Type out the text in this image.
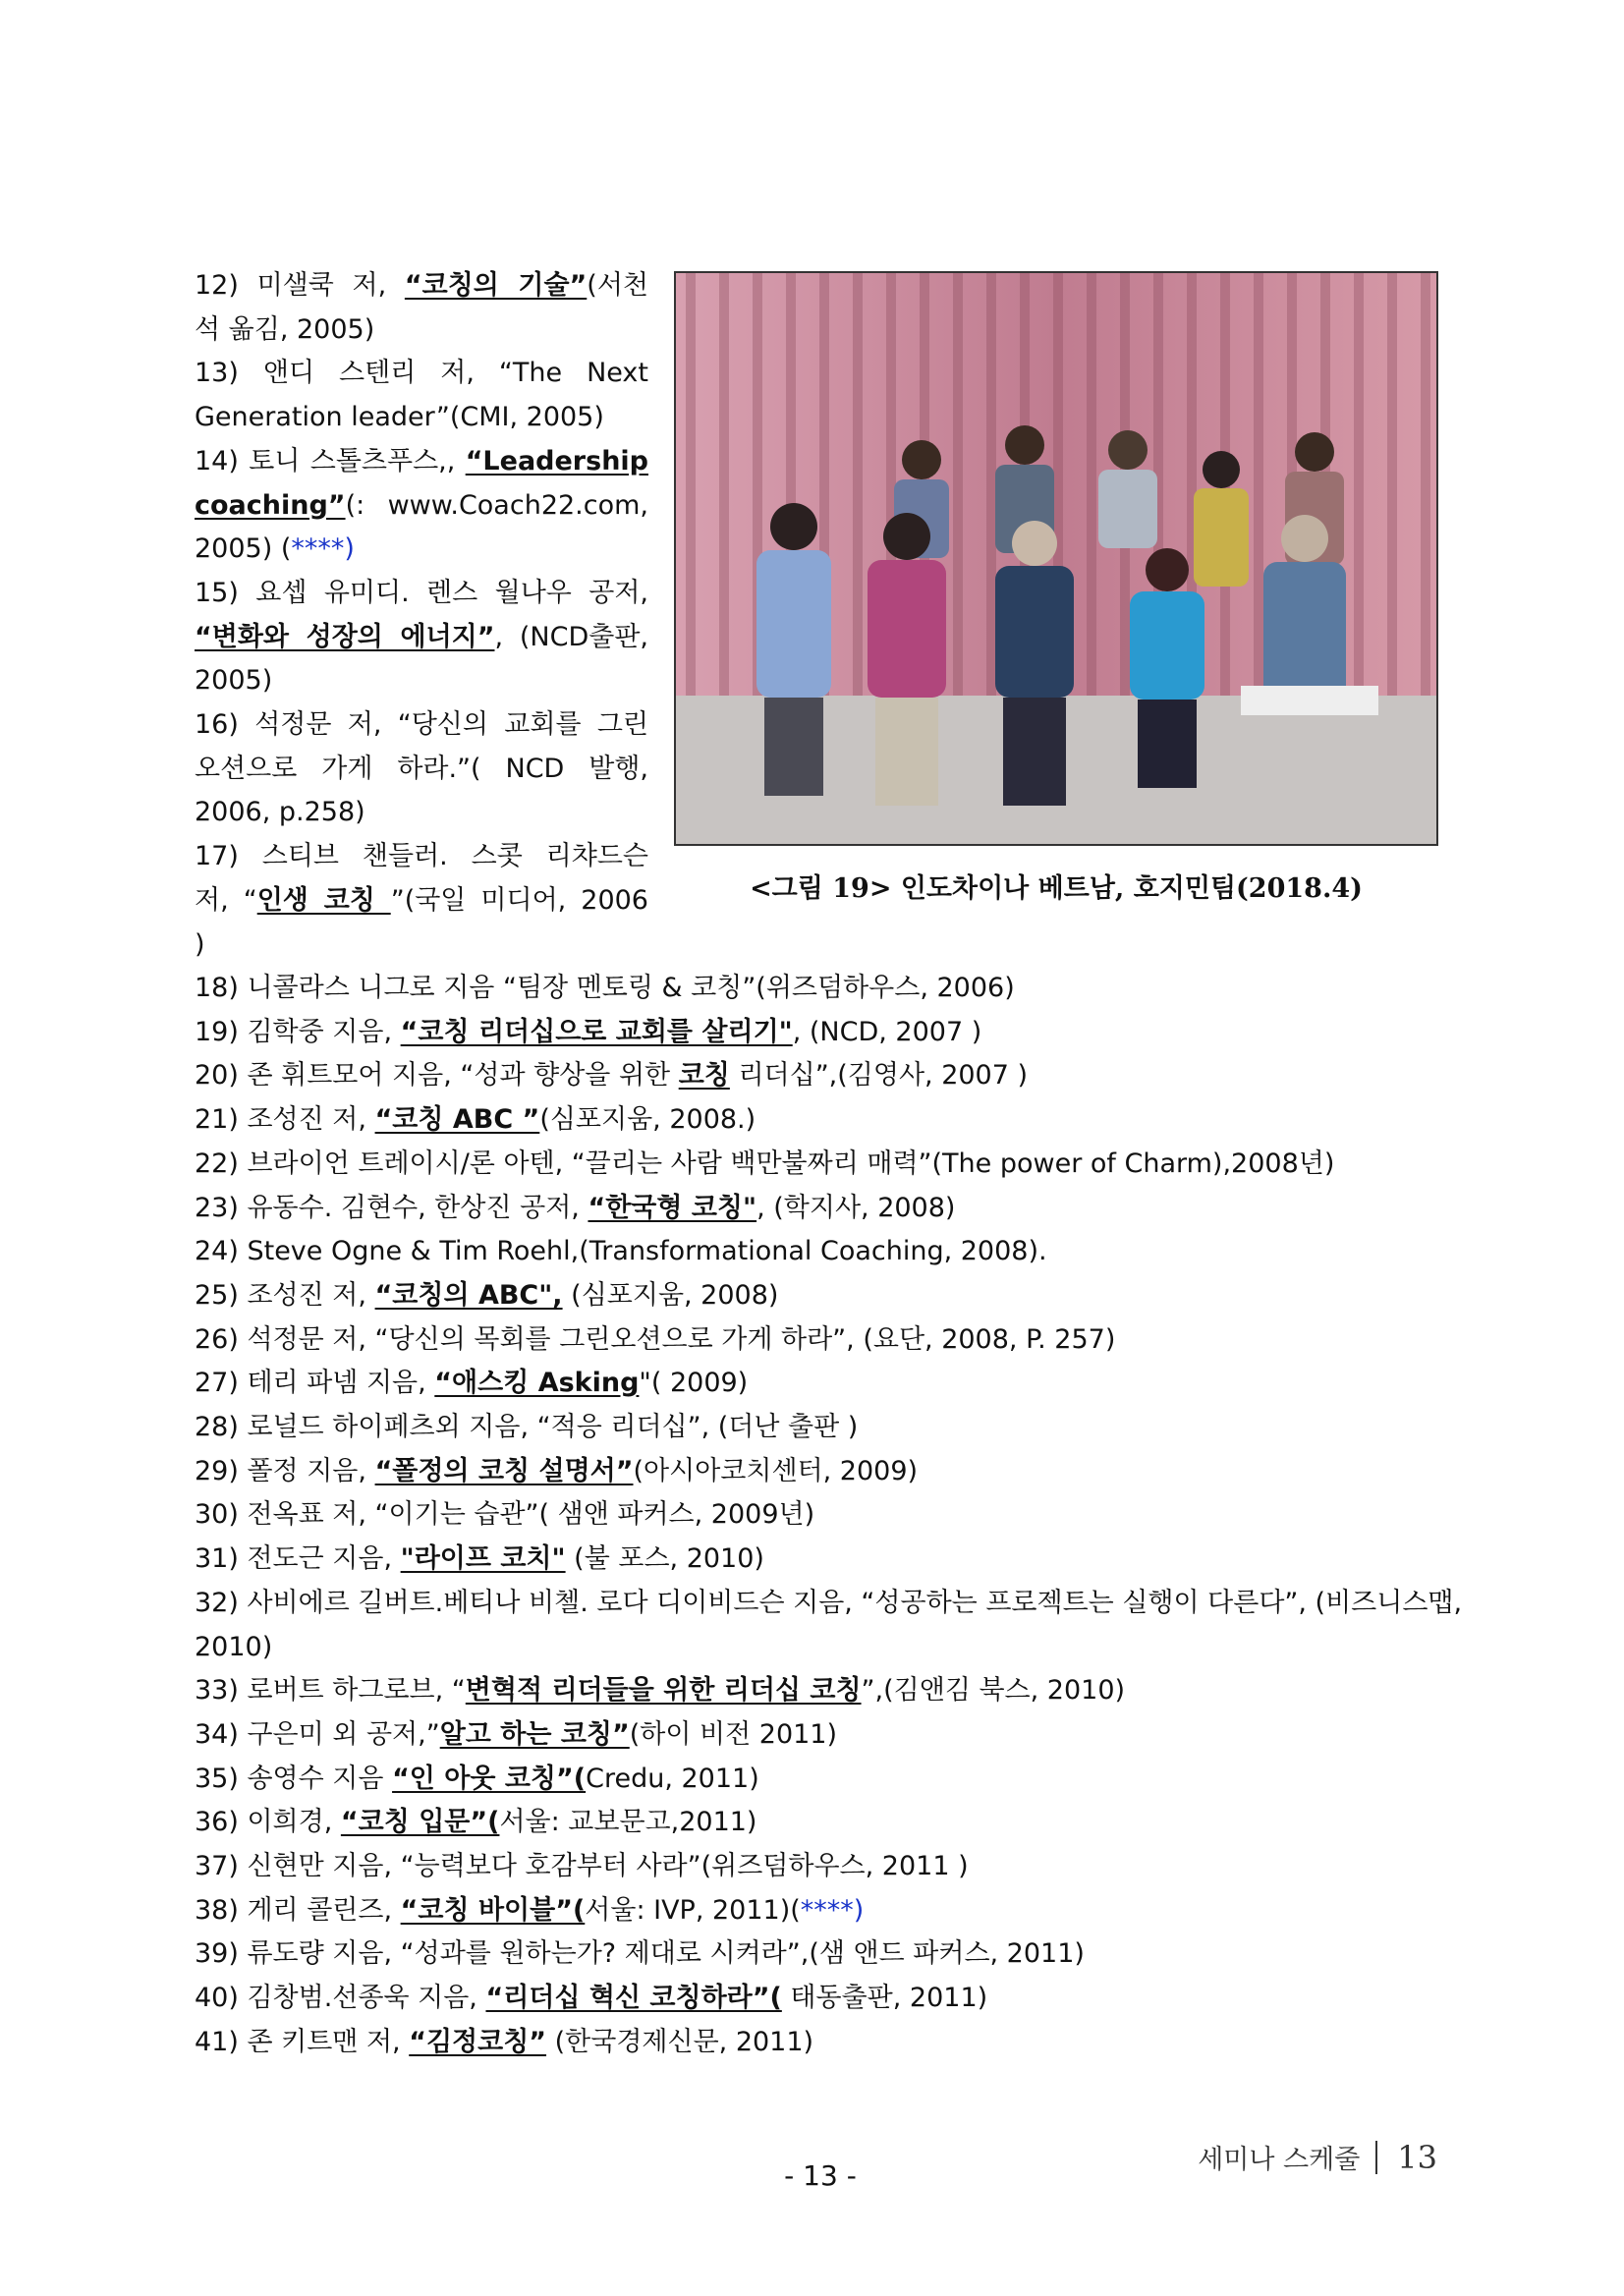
12) 미샐쿡 저, “코칭의 기술”(서천
석 옮김, 2005)
13) 앤디 스텐리 저, “The Next
Generation leader”(CMI, 2005)
14) 토니 스톨츠푸스,, “Leadership
coaching”(: www.Coach22.com,
2005) (****)
15) 요셉 유미디. 렌스 월나우 공저,
“변화와 성장의 에너지”, (NCD출판,
2005)
16) 석정문 저, “당신의 교회를 그린
오션으로 가게 하라.”( NCD 발행,
2006, p.258)
17) 스티브 챈들러. 스콧 리챠드슨
저, “인생 코칭 ”(국일 미디어, 2006
)
18) 니콜라스 니그로 지음 “팀장 멘토링 & 코칭”(위즈덤하우스, 2006)
19) 김학중 지음, “코칭 리더십으로 교회를 살리기", (NCD, 2007 )
20) 존 휘트모어 지음, “성과 향상을 위한 코칭 리더십”,(김영사, 2007 )
21) 조성진 저, “코칭 ABC ”(심포지움, 2008.)
22) 브라이언 트레이시/론 아텐, “끌리는 사람 백만불짜리 매력”(The power of Charm),2008년)
23) 유동수. 김현수, 한상진 공저, “한국형 코칭", (학지사, 2008)
24) Steve Ogne & Tim Roehl,(Transformational Coaching, 2008).
25) 조성진 저, “코칭의 ABC", (심포지움, 2008)
26) 석정문 저, “당신의 목회를 그린오션으로 가게 하라”, (요단, 2008, P. 257)
27) 테리 파넴 지음, “애스킹 Asking"( 2009)
28) 로널드 하이페츠외 지음, “적응 리더십”, (더난 출판 )
29) 폴정 지음, “폴정의 코칭 설명서”(아시아코치센터, 2009)
30) 전옥표 저, “이기는 습관”( 샘앤 파커스, 2009년)
31) 전도근 지음, "라이프 코치" (불 포스, 2010)
32) 사비에르 길버트.베티나 비첼. 로다 디이비드슨 지음, “성공하는 프로젝트는 실행이 다른다”, (비즈니스맵,
2010)
33) 로버트 하그로브, “변혁적 리더들을 위한 리더십 코칭”,(김앤김 북스, 2010)
34) 구은미 외 공저,”알고 하는 코칭”(하이 비전 2011)
35) 송영수 지음 “인 아웃 코칭”(Credu, 2011)
36) 이희경, “코칭 입문”(서울: 교보문고,2011)
37) 신현만 지음, “능력보다 호감부터 사라”(위즈덤하우스, 2011 )
38) 게리 콜린즈, “코칭 바이블”(서울: IVP, 2011)(****)
39) 류도량 지음, “성과를 원하는가? 제대로 시켜라”,(샘 앤드 파커스, 2011)
40) 김창범.선종욱 지음, “리더십 혁신 코칭하라”( 태동출판, 2011)
41) 존 키트맨 저, “김정코칭” (한국경제신문, 2011)
<그림 19> 인도차이나 베트남, 호지민팀(2018.4)
- 13 -	세미나 스케줄 13
